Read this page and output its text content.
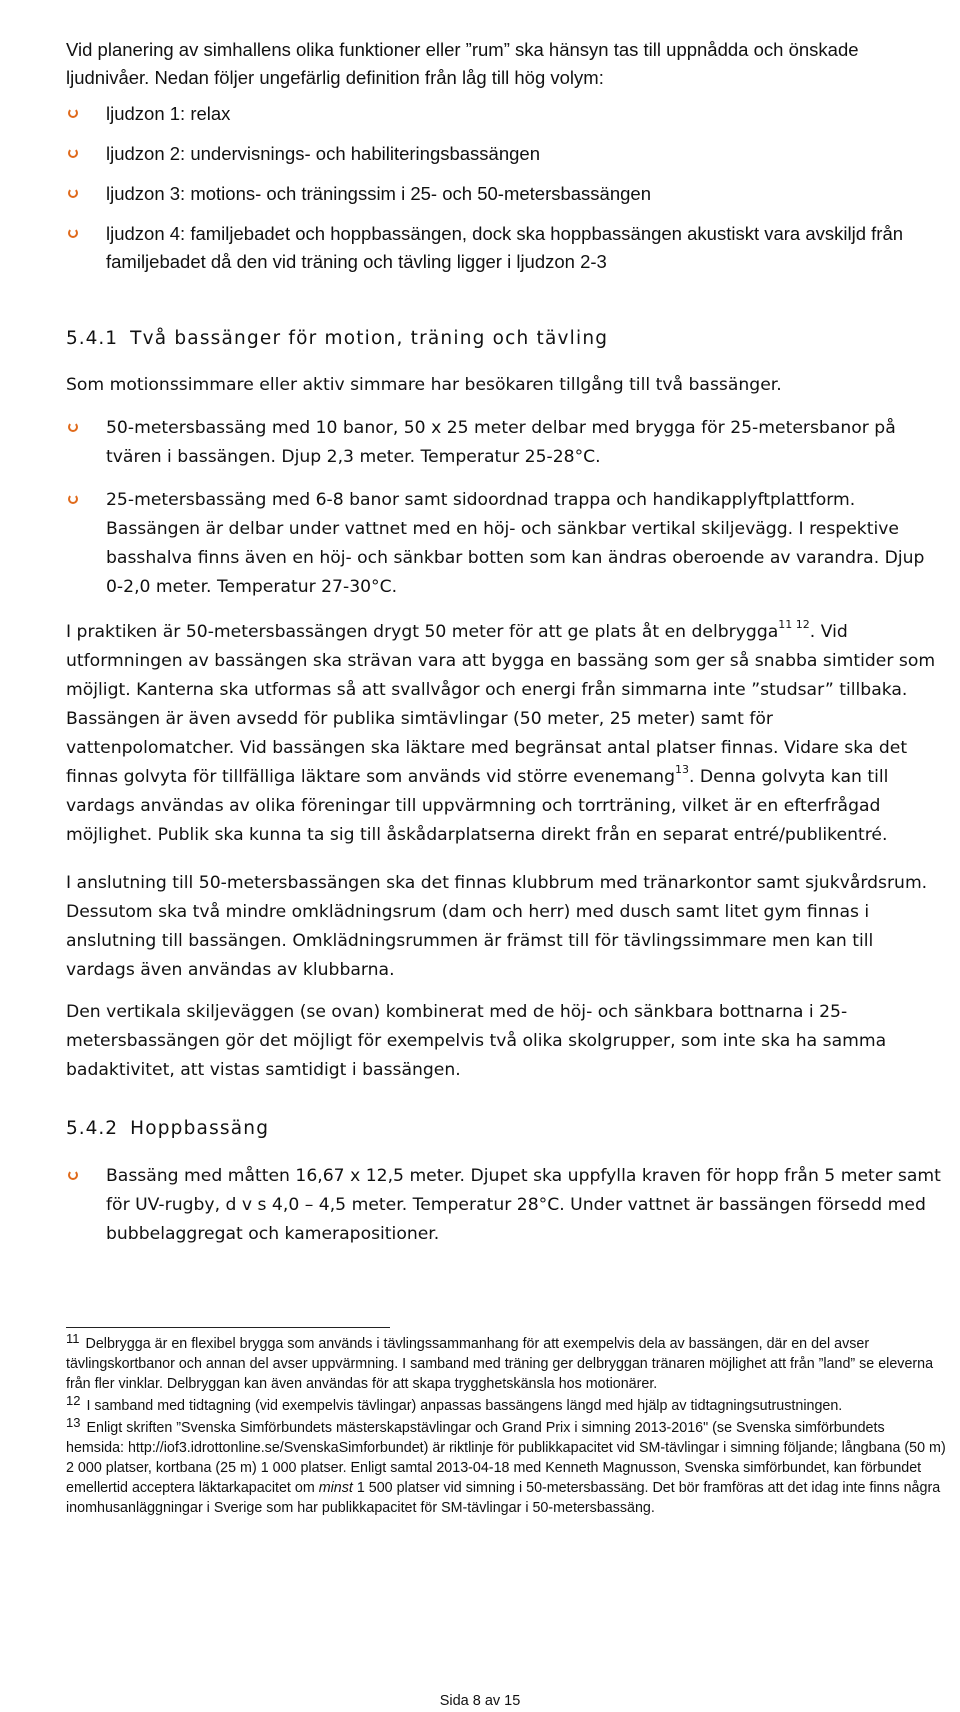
Vid planering av simhallens olika funktioner eller ”rum” ska hänsyn tas till uppnådda och önskade ljudnivåer. Nedan följer ungefärlig definition från låg till hög volym:

ljudzon 1: relax

ljudzon 2: undervisnings- och habiliteringsbassängen

ljudzon 3: motions- och träningssim i 25- och 50-metersbassängen

ljudzon 4: familjebadet och hoppbassängen, dock ska hoppbassängen akustiskt vara avskiljd från familjebadet då den vid träning och tävling ligger i ljudzon 2-3

5.4.1 Två bassänger för motion, träning och tävling

Som motionssimmare eller aktiv simmare har besökaren tillgång till två bassänger.

50-metersbassäng med 10 banor, 50 x 25 meter delbar med brygga för 25-metersbanor på tvären i bassängen. Djup 2,3 meter. Temperatur 25-28°C.

25-metersbassäng med 6-8 banor samt sidoordnad trappa och handikapplyftplattform. Bassängen är delbar under vattnet med en höj- och sänkbar vertikal skiljevägg. I respektive basshalva finns även en höj- och sänkbar botten som kan ändras oberoende av varandra. Djup 0-2,0 meter. Temperatur 27-30°C.

I praktiken är 50-metersbassängen drygt 50 meter för att ge plats åt en delbrygga$^{11 12}$. Vid utformningen av bassängen ska strävan vara att bygga en bassäng som ger så snabba simtider som möjligt. Kanterna ska utformas så att svallvågor och energi från simmarna inte ”studsar” tillbaka. Bassängen är även avsedd för publika simtävlingar (50 meter, 25 meter) samt för vattenpolomatcher. Vid bassängen ska läktare med begränsat antal platser finnas. Vidare ska det finnas golvyta för tillfälliga läktare som används vid större evenemang$^{13}$. Denna golvyta kan till vardags användas av olika föreningar till uppvärmning och torrträning, vilket är en efterfrågad möjlighet. Publik ska kunna ta sig till åskådarplatserna direkt från en separat entré/publikentré.

I anslutning till 50-metersbassängen ska det finnas klubbrum med tränarkontor samt sjukvårdsrum. Dessutom ska två mindre omklädningsrum (dam och herr) med dusch samt litet gym finnas i anslutning till bassängen. Omklädningsrummen är främst till för tävlingssimmare men kan till vardags även användas av klubbarna.

Den vertikala skiljeväggen (se ovan) kombinerat med de höj- och sänkbara bottnarna i 25-metersbassängen gör det möjligt för exempelvis två olika skolgrupper, som inte ska ha samma badaktivitet, att vistas samtidigt i bassängen.

5.4.2 Hoppbassäng

Bassäng med måtten 16,67 x 12,5 meter. Djupet ska uppfylla kraven för hopp från 5 meter samt för UV-rugby, d v s 4,0 – 4,5 meter. Temperatur 28°C. Under vattnet är bassängen försedd med bubbelaggregat och kamerapositioner.

$^{11}$ Delbrygga är en flexibel brygga som används i tävlingssammanhang för att exempelvis dela av bassängen, där en del avser tävlingskortbanor och annan del avser uppvärmning. I samband med träning ger delbryggan tränaren möjlighet att från ”land” se eleverna från fler vinklar. Delbryggan kan även användas för att skapa trygghetskänsla hos motionärer.

$^{12}$ I samband med tidtagning (vid exempelvis tävlingar) anpassas bassängens längd med hjälp av tidtagningsutrustningen.

$^{13}$ Enligt skriften ”Svenska Simförbundets mästerskapstävlingar och Grand Prix i simning 2013-2016" (se Svenska simförbundets hemsida: http://iof3.idrottonline.se/SvenskaSimforbundet) är riktlinje för publikkapacitet vid SM-tävlingar i simning följande; långbana (50 m) 2 000 platser, kortbana (25 m) 1 000 platser. Enligt samtal 2013-04-18 med Kenneth Magnusson, Svenska simförbundet, kan förbundet emellertid acceptera läktarkapacitet om minst 1 500 platser vid simning i 50-metersbassäng. Det bör framföras att det idag inte finns några inomhusanläggningar i Sverige som har publikkapacitet för SM-tävlingar i 50-metersbassäng.

Sida 8 av 15
